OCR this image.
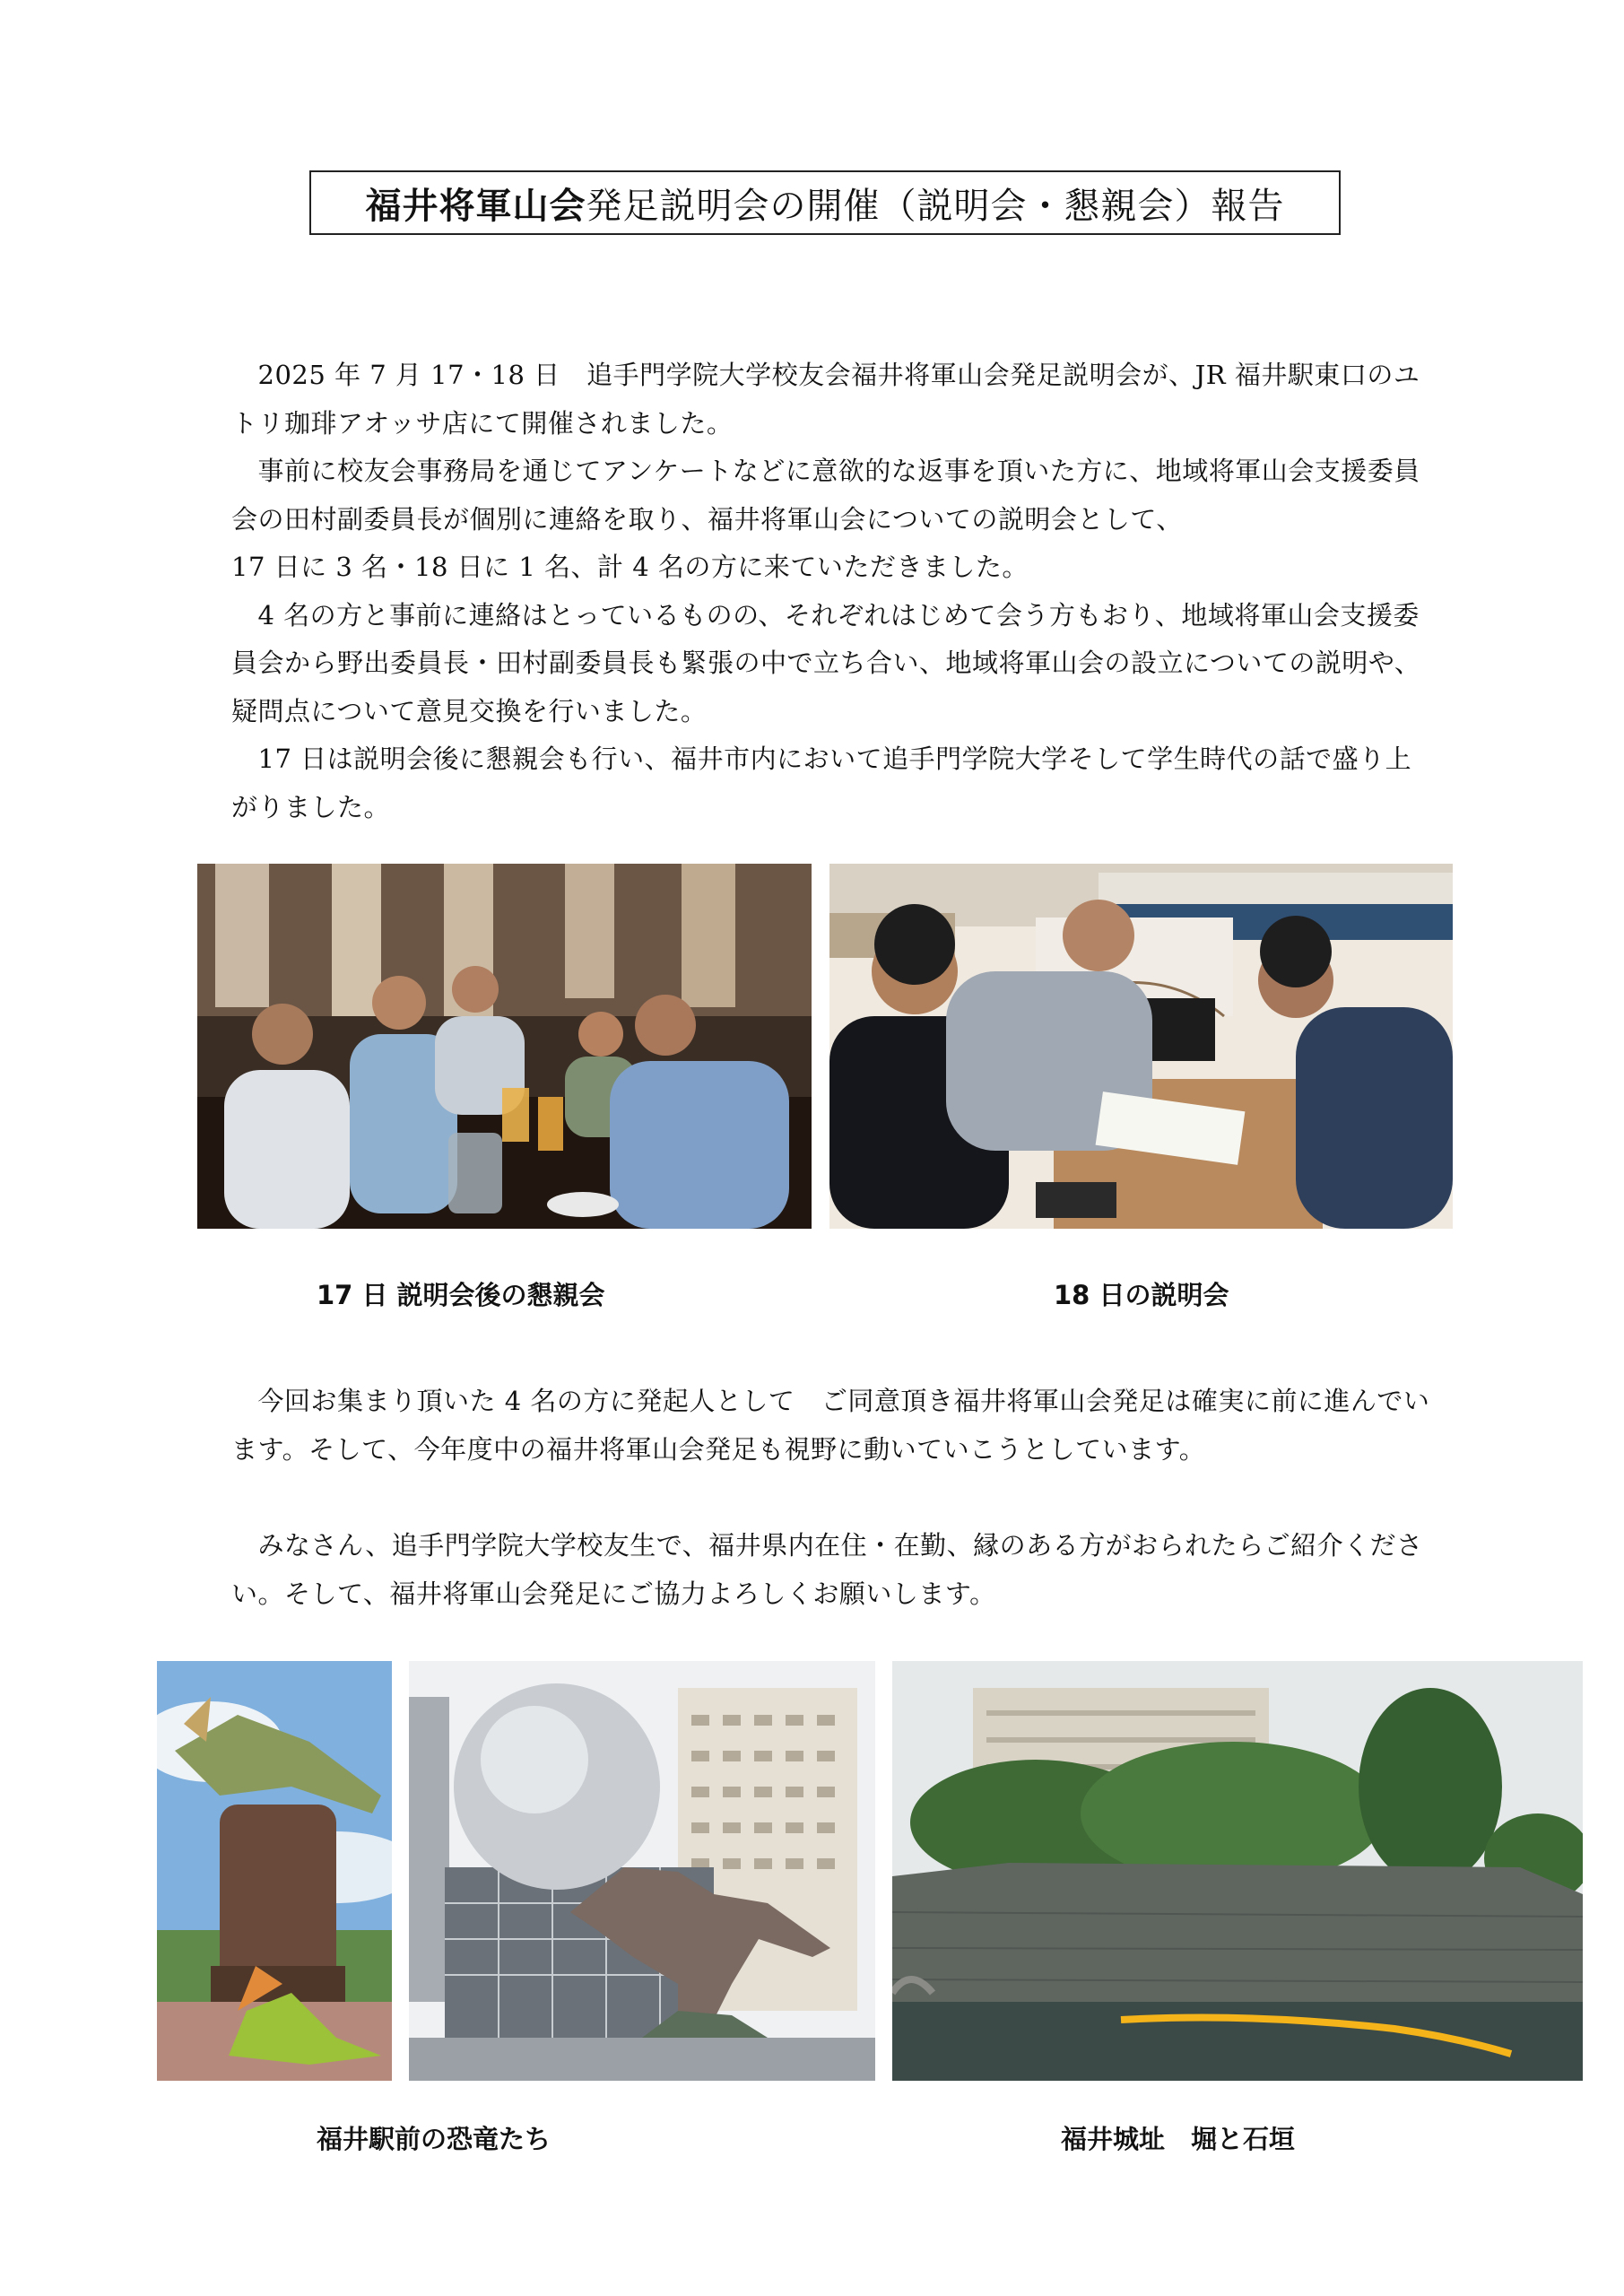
福井将軍山会 発足説明会の開催（説明会・懇親会）報告
　2025 年 7 月 17・18 日　追手門学院大学校友会福井将軍山会発足説明会が、JR 福井駅東口のユトリ珈琲アオッサ店にて開催されました。
　事前に校友会事務局を通じてアンケートなどに意欲的な返事を頂いた方に、地域将軍山会支援委員会の田村副委員長が個別に連絡を取り、福井将軍山会についての説明会として、
17 日に 3 名・18 日に 1 名、計 4 名の方に来ていただきました。
　4 名の方と事前に連絡はとっているものの、それぞれはじめて会う方もおり、地域将軍山会支援委員会から野出委員長・田村副委員長も緊張の中で立ち合い、地域将軍山会の設立についての説明や、疑問点について意見交換を行いました。
　17 日は説明会後に懇親会も行い、福井市内において追手門学院大学そして学生時代の話で盛り上がりました。
17 日 説明会後の懇親会	18 日の説明会
　今回お集まり頂いた 4 名の方に発起人として　ご同意頂き福井将軍山会発足は確実に前に進んでいます。そして、今年度中の福井将軍山会発足も視野に動いていこうとしています。
　みなさん、追手門学院大学校友生で、福井県内在住・在勤、縁のある方がおられたらご紹介ください。そして、福井将軍山会発足にご協力よろしくお願いします。
福井駅前の恐竜たち	福井城址　堀と石垣
